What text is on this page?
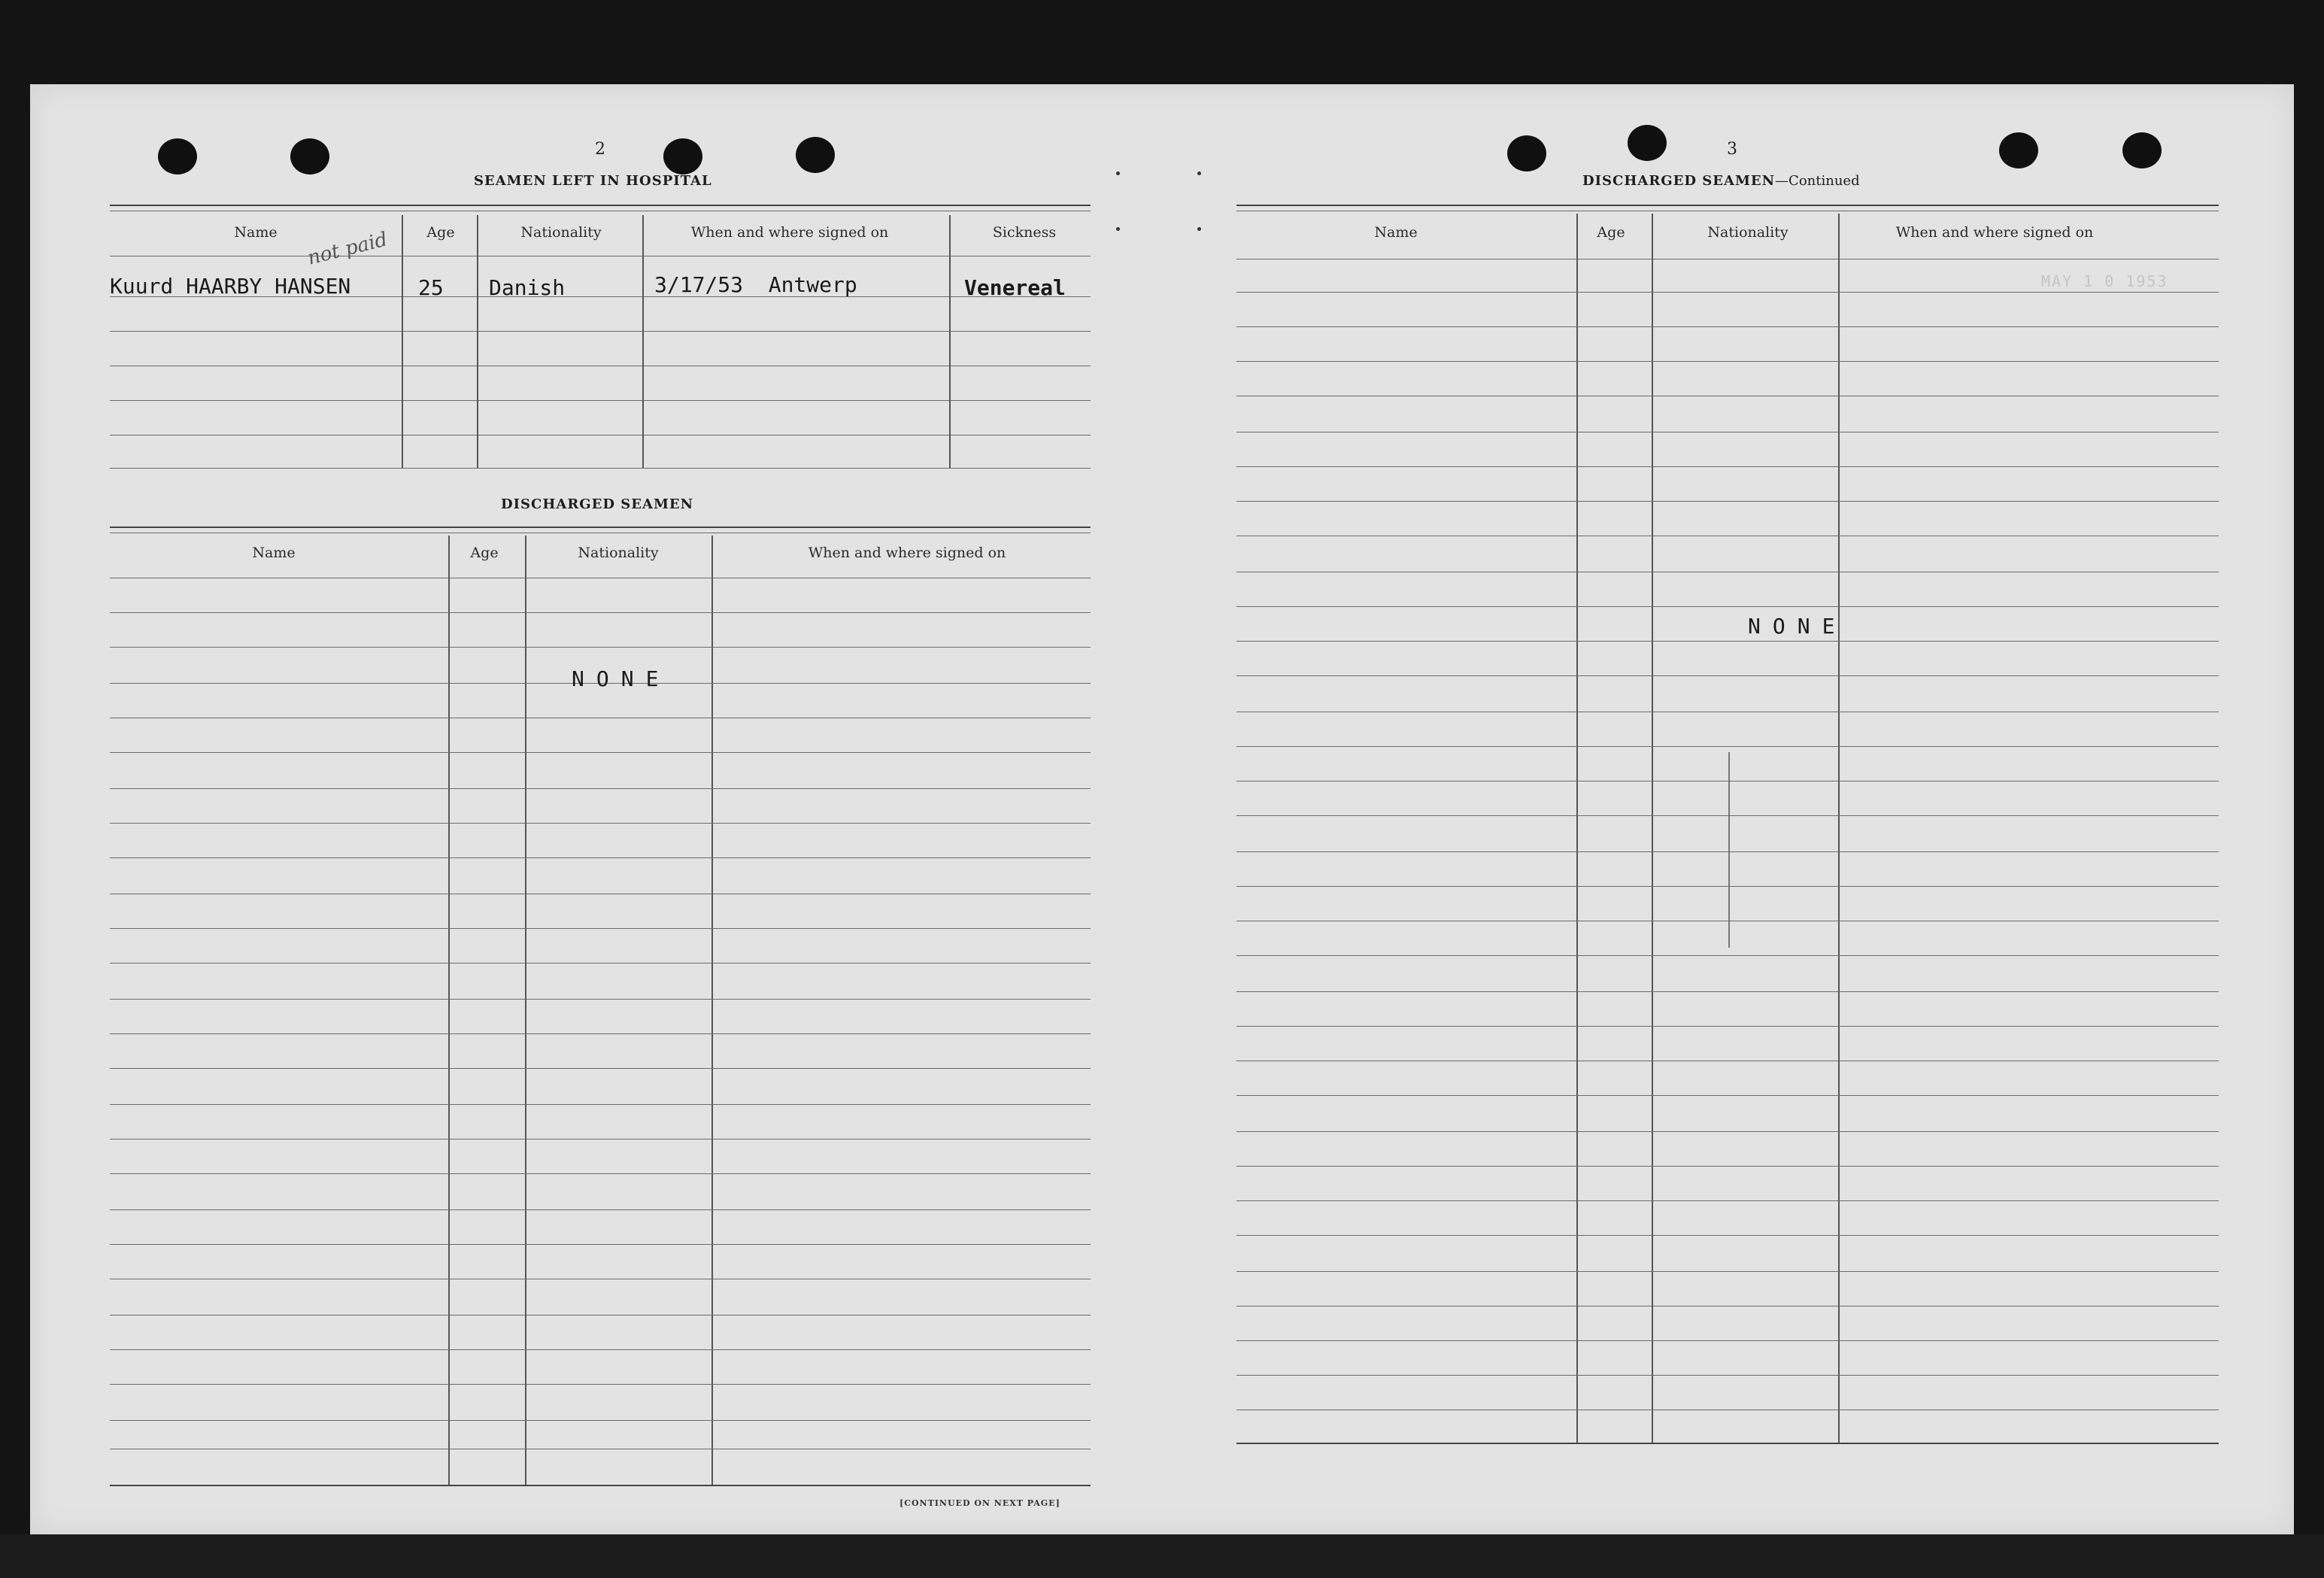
2
SEAMEN LEFT IN HOSPITAL
Name	Age	Nationality	When and where signed on	Sickness
Kuurd HAARBY HANSEN	25 Danish	3/17/53  Antwerp	Venereal
not paid
DISCHARGED SEAMEN
Name	Age	Nationality	When and where signed on
NONE
[CONTINUED ON NEXT PAGE]
3
DISCHARGED SEAMEN—Continued
Name	Age	Nationality	When and where signed on
MAY 1 0 1953
NONE
